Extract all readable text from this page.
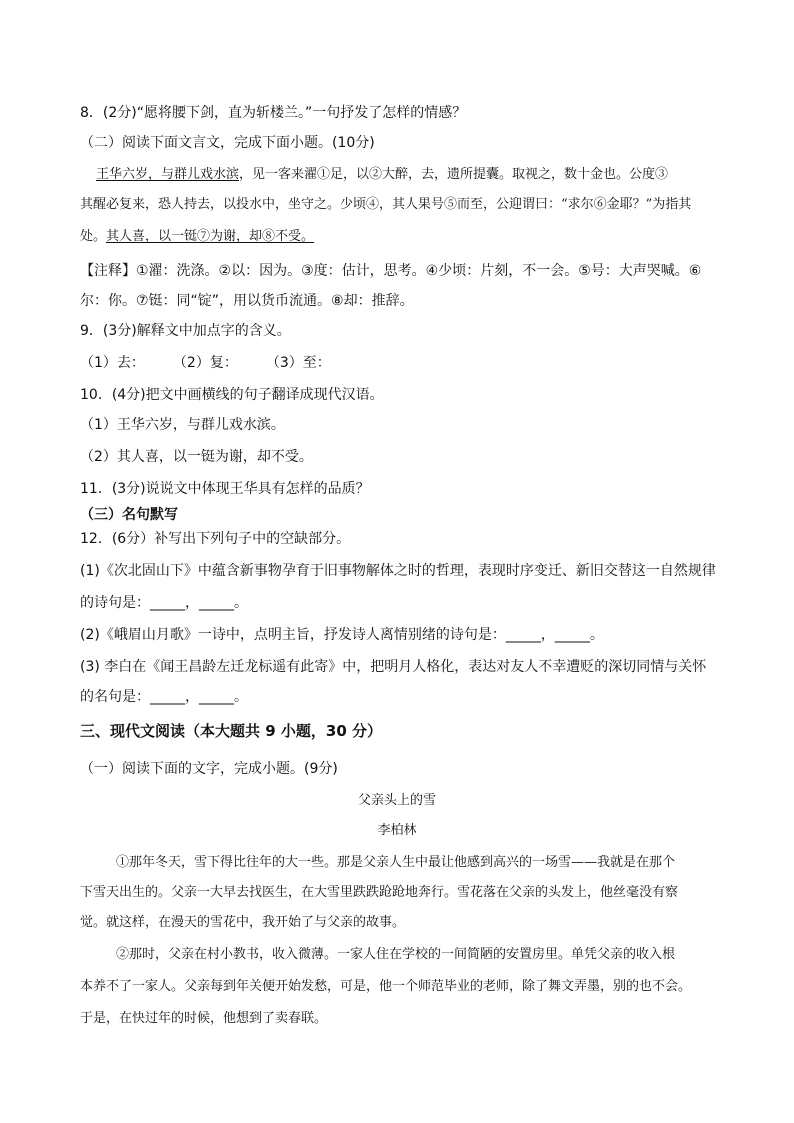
8．(2分)“愿将腰下剑，直为斩楼兰。”一句抒发了怎样的情感？
（二）阅读下面文言文，完成下面小题。(10分)
王华六岁，与群儿戏水滨，见一客来濯①足，以②大醉，去，遗所提囊。取视之，数十金也。公度③
其醒必复来，恐人持去，以投水中，坐守之。少顷④，其人果号⑤而至，公迎谓曰：“求尔⑥金耶？”为指其
处。其人喜，以一铤⑦为谢，却⑧不受。
【注释】①濯：洗涤。②以：因为。③度：估计，思考。④少顷：片刻，不一会。⑤号：大声哭喊。⑥
尔：你。⑦铤：同“锭”，用以货币流通。⑧却：推辞。
9．(3分)解释文中加点字的含义。
（1）去：　　　（2）复：　　　（3）至：
10．(4分)把文中画横线的句子翻译成现代汉语。
（1）王华六岁，与群儿戏水滨。
（2）其人喜，以一铤为谢，却不受。
11．(3分)说说文中体现王华具有怎样的品质？
（三）名句默写
12．(6分）补写出下列句子中的空缺部分。
(1)《次北固山下》中蕴含新事物孕育于旧事物解体之时的哲理，表现时序变迁、新旧交替这一自然规律
的诗句是：_____，_____。
(2)《峨眉山月歌》一诗中，点明主旨，抒发诗人离情别绪的诗句是：_____，_____。
(3) 李白在《闻王昌龄左迁龙标遥有此寄》中，把明月人格化，表达对友人不幸遭贬的深切同情与关怀
的名句是：_____，_____。
三、现代文阅读（本大题共 9 小题，30 分）
（一）阅读下面的文字，完成小题。(9分)
父亲头上的雪
李柏林
①那年冬天，雪下得比往年的大一些。那是父亲人生中最让他感到高兴的一场雪——我就是在那个
下雪天出生的。父亲一大早去找医生，在大雪里跌跌跄跄地奔行。雪花落在父亲的头发上，他丝毫没有察
觉。就这样，在漫天的雪花中，我开始了与父亲的故事。
②那时，父亲在村小教书，收入微薄。一家人住在学校的一间简陋的安置房里。单凭父亲的收入根
本养不了一家人。父亲每到年关便开始发愁，可是，他一个师范毕业的老师，除了舞文弄墨，别的也不会。
于是，在快过年的时候，他想到了卖春联。
